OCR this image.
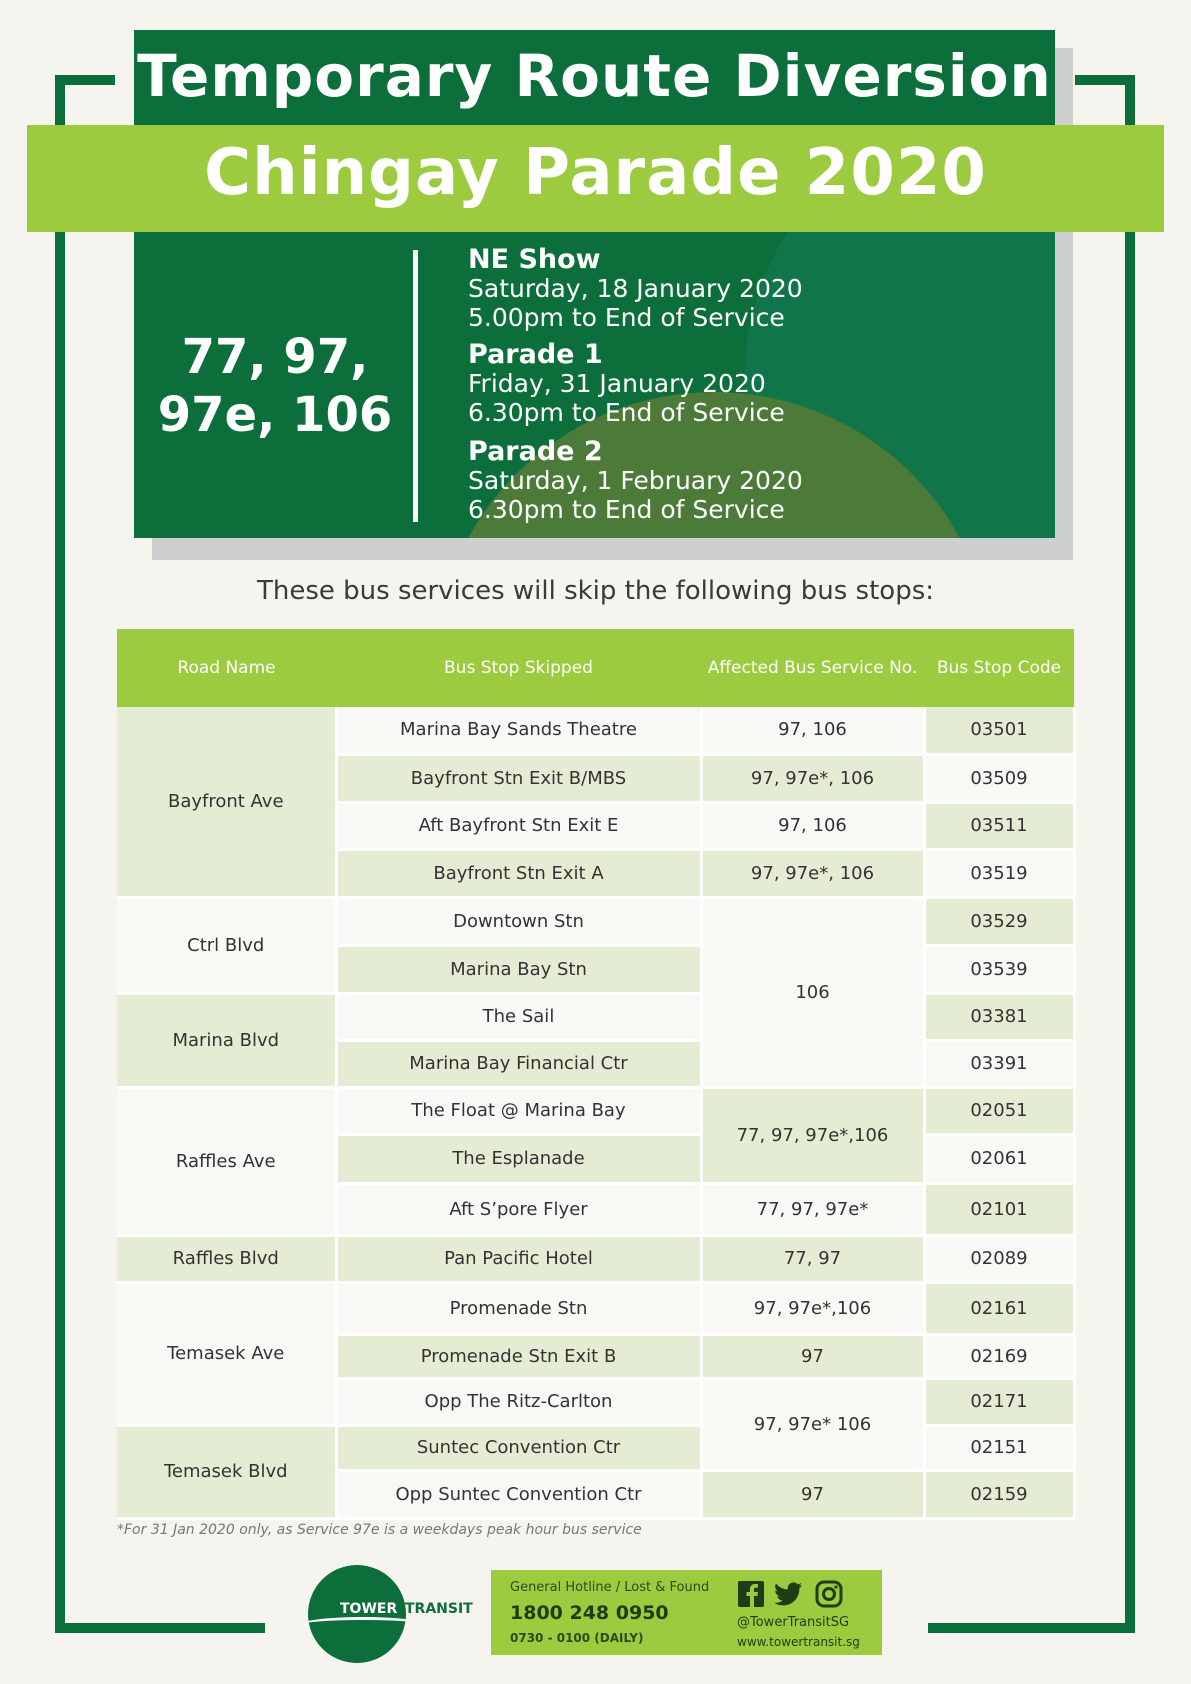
Temporary Route Diversion
Chingay Parade 2020
77, 97,
97e, 106
NE Show
Saturday, 18 January 2020
5.00pm to End of Service
Parade 1
Friday, 31 January 2020
6.30pm to End of Service
Parade 2
Saturday, 1 February 2020
6.30pm to End of Service
These bus services will skip the following bus stops:
Road Name	Bus Stop Skipped	Affected Bus Service No.	Bus Stop Code
Bayfront Ave	Marina Bay Sands Theatre	97, 106	03501
	Bayfront Stn Exit B/MBS	97, 97e*, 106	03509
	Aft Bayfront Stn Exit E	97, 106	03511
	Bayfront Stn Exit A	97, 97e*, 106	03519
Ctrl Blvd	Downtown Stn	106	03529
	Marina Bay Stn		03539
Marina Blvd	The Sail		03381
	Marina Bay Financial Ctr		03391
Raffles Ave	The Float @ Marina Bay	77, 97, 97e*,106	02051
	The Esplanade		02061
	Aft S’pore Flyer	77, 97, 97e*	02101
Raffles Blvd	Pan Pacific Hotel	77, 97	02089
Temasek Ave	Promenade Stn	97, 97e*,106	02161
	Promenade Stn Exit B	97	02169
	Opp The Ritz-Carlton	97, 97e* 106	02171
Temasek Blvd	Suntec Convention Ctr		02151
	Opp Suntec Convention Ctr	97	02159
*For 31 Jan 2020 only, as Service 97e is a weekdays peak hour bus service
TOWER TRANSIT
General Hotline / Lost & Found
1800 248 0950
0730 - 0100 (DAILY)
@TowerTransitSG
www.towertransit.sg
